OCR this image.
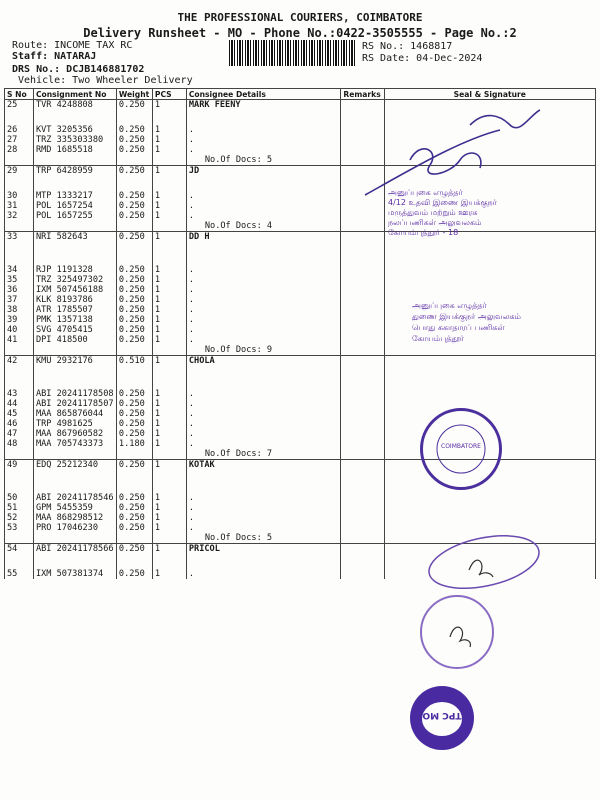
THE PROFESSIONAL COURIERS, COIMBATORE
Delivery Runsheet - MO - Phone No.:0422-3505555 - Page No.:2
Route: INCOME TAX RC
Staff: NATARAJ
DRS No.: DCJB146881702
Vehicle: Two Wheeler Delivery
RS No.: 1468817
RS Date: 04-Dec-2024
S No	Consignment No	Weight	PCS	Consignee Details	Remarks	Seal & Signature
25	TVR 4248808	0.250	1	MARK FEENY		

26	KVT 3205356	0.250	1	.		
27	TRZ 335303380	0.250	1	.		
28	RMD 1685518	0.250	1	.		
				No.Of Docs: 5		
29	TRP 6428959	0.250	1	JD		

30	MTP 1333217	0.250	1	.		
31	POL 1657254	0.250	1	.		
32	POL 1657255	0.250	1	.		
				No.Of Docs: 4		
33	NRI 582643	0.250	1	DD H		

34	RJP 1191328	0.250	1	.		
35	TRZ 325497302	0.250	1	.		
36	IXM 507456188	0.250	1	.		
37	KLK 8193786	0.250	1	.		
38	ATR 1785507	0.250	1	.		
39	PMK 1357138	0.250	1	.		
40	SVG 4705415	0.250	1	.		
41	DPI 418500	0.250	1	.		
				No.Of Docs: 9		
42	KMU 2932176	0.510	1	CHOLA		

43	ABI 20241178508	0.250	1	.		
44	ABI 20241178507	0.250	1	.		
45	MAA 865876044	0.250	1	.		
46	TRP 4981625	0.250	1	.		
47	MAA 867960582	0.250	1	.		
48	MAA 705743373	1.180	1	.		
				No.Of Docs: 7		
49	EDQ 25212340	0.250	1	KOTAK		

50	ABI 20241178546	0.250	1	.		
51	GPM 5455359	0.250	1	.		
52	MAA 868298512	0.250	1	.		
53	PRO 17046230	0.250	1	.		
				No.Of Docs: 5		
54	ABI 20241178566	0.250	1	PRICOL		

55	IXM 507381374	0.250	1	.		
அனுப்புகை எழுத்தர்
4/12 உதவி இணை இயக்குநர்
மருத்துவம் மற்றும் ஊரக
நலப்பணிகள் அலுவலகம்
கோயம்புத்தூர் - 18
அனுப்புகை எழுத்தர்
துணை இயக்குநர் அலுவலகம்
பொது சுகாதாரப் பணிகள்
கோயம்புத்தூர்
COIMBATORE
TPC MO
